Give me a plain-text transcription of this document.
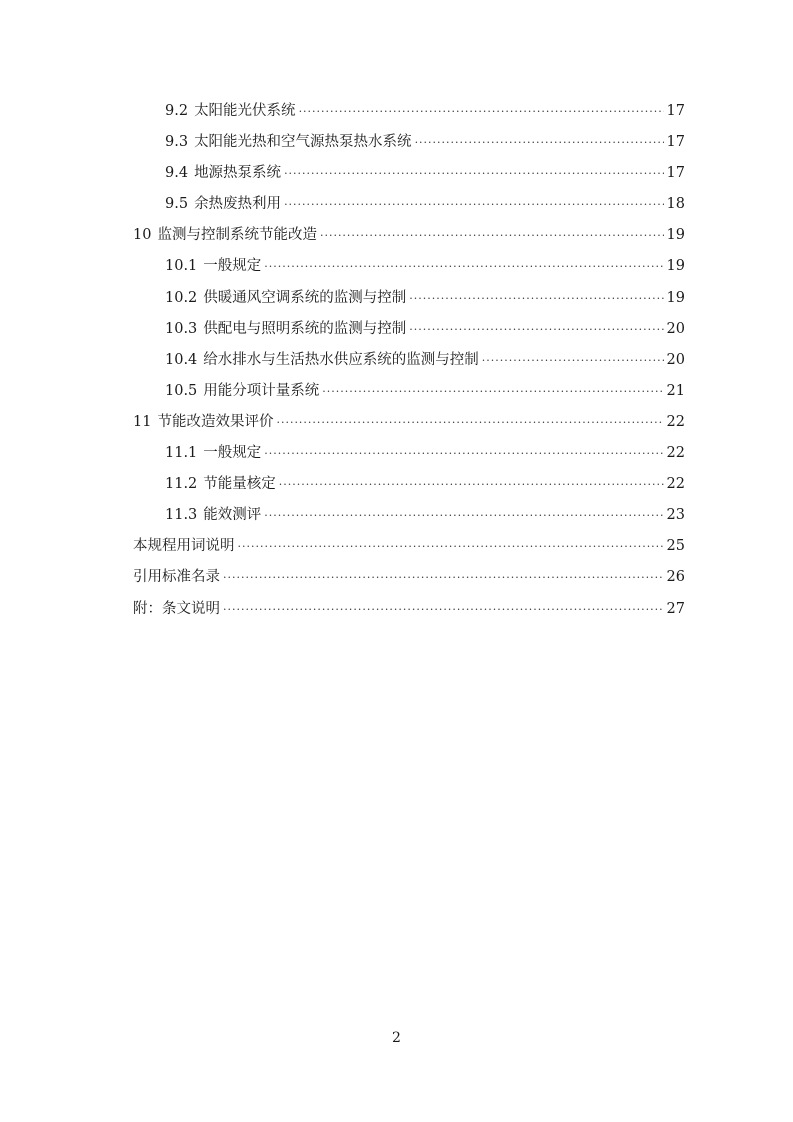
9.2 太阳能光伏系统 ·····	17
9.3 太阳能光热和空气源热泵热水系统 ·····	17
9.4 地源热泵系统 ·····	17
9.5 余热废热利用 ·····	18
10 监测与控制系统节能改造 ·····	19
10.1 一般规定 ·····	19
10.2 供暖通风空调系统的监测与控制 ·····	19
10.3 供配电与照明系统的监测与控制 ·····	20
10.4 给水排水与生活热水供应系统的监测与控制 ·····	20
10.5 用能分项计量系统 ·····	21
11 节能改造效果评价 ·····	22
11.1 一般规定 ·····	22
11.2 节能量核定 ·····	22
11.3 能效测评 ·····	23
本规程用词说明 ·····	25
引用标准名录 ·····	26
附：条文说明 ·····	27
2
